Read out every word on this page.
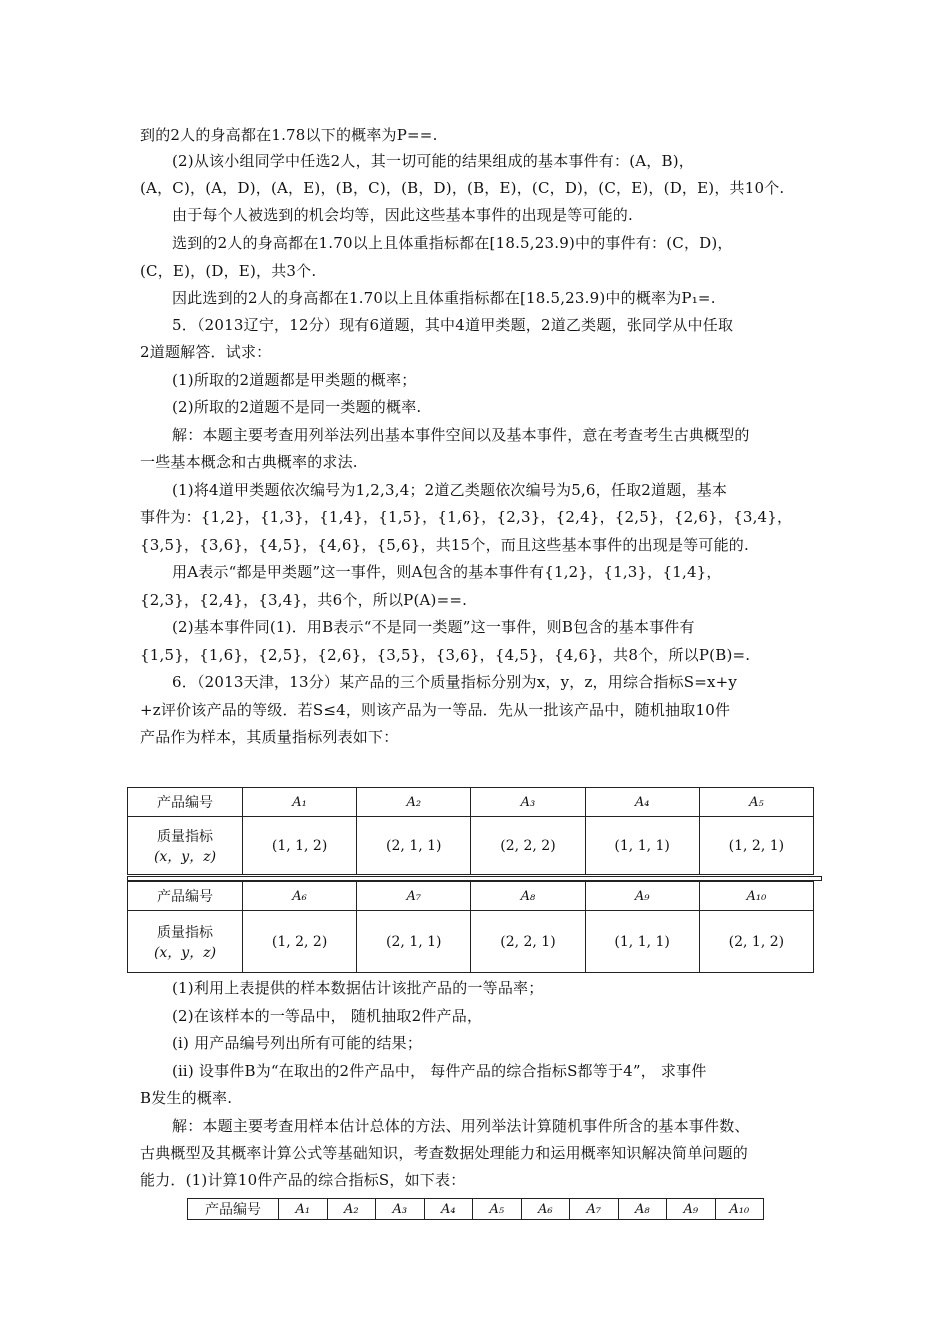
到的2人的身高都在1.78以下的概率为P==.
(2)从该小组同学中任选2人，其一切可能的结果组成的基本事件有：(A，B)，
(A，C)，(A，D)，(A，E)，(B，C)，(B，D)，(B，E)，(C，D)，(C，E)，(D，E)，共10个.
由于每个人被选到的机会均等，因此这些基本事件的出现是等可能的.
选到的2人的身高都在1.70以上且体重指标都在[18.5,23.9)中的事件有：(C，D)，
(C，E)，(D，E)，共3个.
因此选到的2人的身高都在1.70以上且体重指标都在[18.5,23.9)中的概率为P₁=.
5．（2013辽宁，12分）现有6道题，其中4道甲类题，2道乙类题，张同学从中任取
2道题解答．试求：
(1)所取的2道题都是甲类题的概率；
(2)所取的2道题不是同一类题的概率.
解：本题主要考查用列举法列出基本事件空间以及基本事件，意在考查考生古典概型的
一些基本概念和古典概率的求法.
(1)将4道甲类题依次编号为1,2,3,4；2道乙类题依次编号为5,6，任取2道题，基本
事件为：{1,2}，{1,3}，{1,4}，{1,5}，{1,6}，{2,3}，{2,4}，{2,5}，{2,6}，{3,4}，
{3,5}，{3,6}，{4,5}，{4,6}，{5,6}，共15个，而且这些基本事件的出现是等可能的.
用A表示“都是甲类题”这一事件，则A包含的基本事件有{1,2}，{1,3}，{1,4}，
{2,3}，{2,4}，{3,4}，共6个，所以P(A)==.
(2)基本事件同(1)．用B表示“不是同一类题”这一事件，则B包含的基本事件有
{1,5}，{1,6}，{2,5}，{2,6}，{3,5}，{3,6}，{4,5}，{4,6}，共8个，所以P(B)=.
6．（2013天津，13分）某产品的三个质量指标分别为x，y，z，用综合指标S=x+y
+z评价该产品的等级．若S≤4，则该产品为一等品．先从一批该产品中，随机抽取10件
产品作为样本，其质量指标列表如下：
产品编号	A₁	A₂	A₃	A₄	A₅

质量指标
(x，y，z)	(1, 1, 2)	(2, 1, 1)	(2, 2, 2)	(1, 1, 1)	(1, 2, 1)
产品编号	A₆	A₇	A₈	A₉	A₁₀

质量指标
(x，y，z)	(1, 2, 2)	(2, 1, 1)	(2, 2, 1)	(1, 1, 1)	(2, 1, 2)
(1)利用上表提供的样本数据估计该批产品的一等品率；
(2)在该样本的一等品中， 随机抽取2件产品，
(ⅰ) 用产品编号列出所有可能的结果；
(ⅱ) 设事件B为“在取出的2件产品中， 每件产品的综合指标S都等于4”， 求事件
B发生的概率.
解：本题主要考查用样本估计总体的方法、用列举法计算随机事件所含的基本事件数、
古典概型及其概率计算公式等基础知识，考查数据处理能力和运用概率知识解决简单问题的
能力．(1)计算10件产品的综合指标S，如下表：
产品编号	A₁	A₂	A₃	A₄	A₅	A₆	A₇	A₈	A₉	A₁₀
